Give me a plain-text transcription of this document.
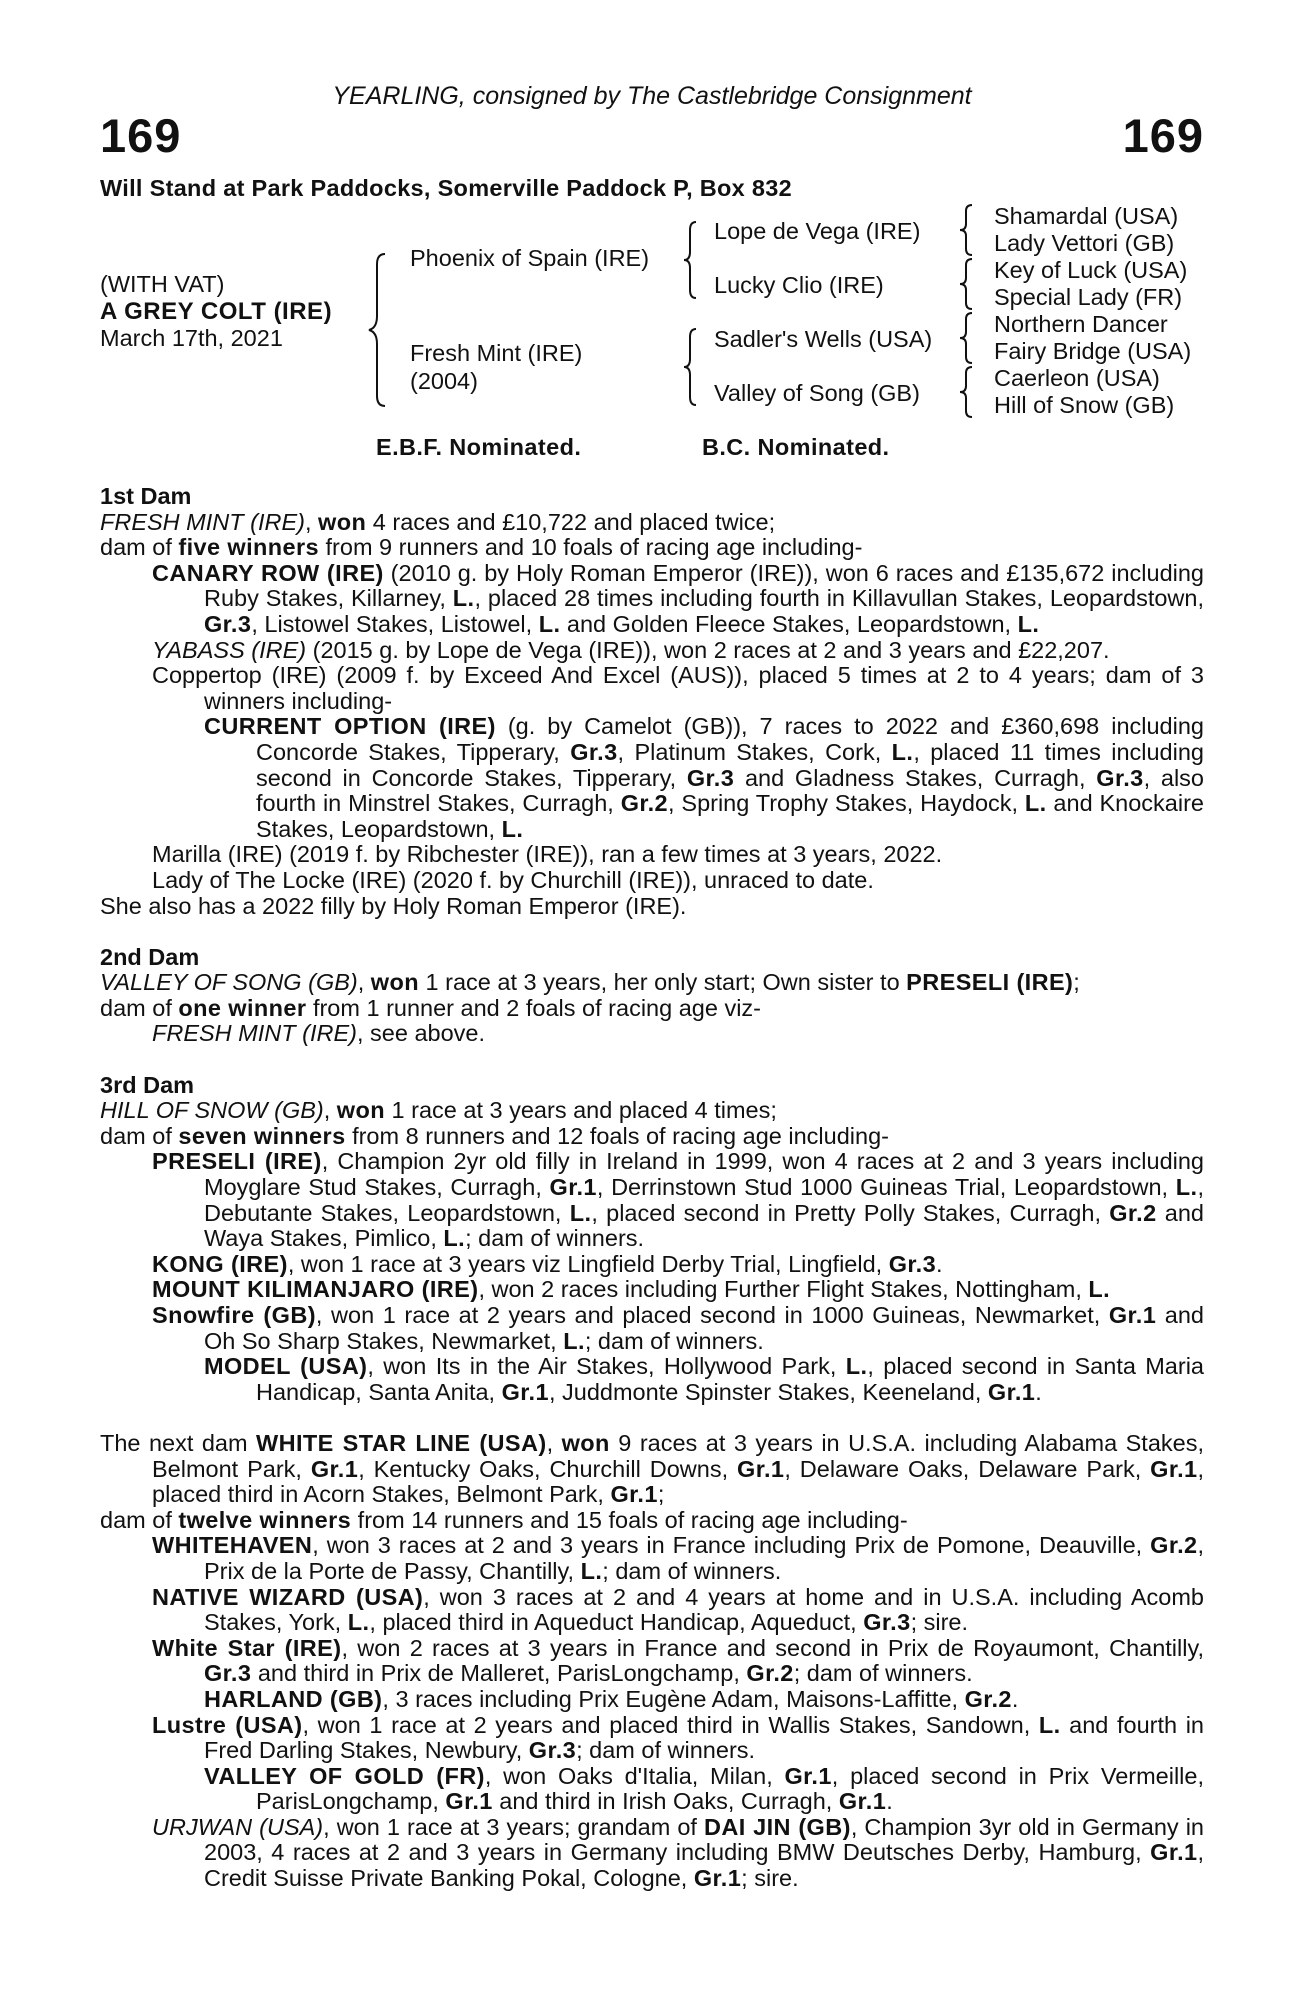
YEARLING, consigned by The Castlebridge Consignment
169	169
Will Stand at Park Paddocks, Somerville Paddock P, Box 832
(WITH VAT)
A GREY COLT (IRE)
March 17th, 2021
Phoenix of Spain (IRE)
Fresh Mint (IRE)
(2004)
Lope de Vega (IRE)
Lucky Clio (IRE)
Sadler's Wells (USA)
Valley of Song (GB)
Shamardal (USA)
Lady Vettori (GB)
Key of Luck (USA)
Special Lady (FR)
Northern Dancer
Fairy Bridge (USA)
Caerleon (USA)
Hill of Snow (GB)
E.B.F. Nominated.	B.C. Nominated.
1st Dam
FRESH MINT (IRE), won 4 races and £10,722 and placed twice;
dam of five winners from 9 runners and 10 foals of racing age including-
CANARY ROW (IRE) (2010 g. by Holy Roman Emperor (IRE)), won 6 races and £135,672 including Ruby Stakes, Killarney, L., placed 28 times including fourth in Killavullan Stakes, Leopardstown, Gr.3, Listowel Stakes, Listowel, L. and Golden Fleece Stakes, Leopardstown, L.
YABASS (IRE) (2015 g. by Lope de Vega (IRE)), won 2 races at 2 and 3 years and £22,207.
Coppertop (IRE) (2009 f. by Exceed And Excel (AUS)), placed 5 times at 2 to 4 years; dam of 3 winners including-
CURRENT OPTION (IRE) (g. by Camelot (GB)), 7 races to 2022 and £360,698 including Concorde Stakes, Tipperary, Gr.3, Platinum Stakes, Cork, L., placed 11 times including second in Concorde Stakes, Tipperary, Gr.3 and Gladness Stakes, Curragh, Gr.3, also fourth in Minstrel Stakes, Curragh, Gr.2, Spring Trophy Stakes, Haydock, L. and Knockaire Stakes, Leopardstown, L.
Marilla (IRE) (2019 f. by Ribchester (IRE)), ran a few times at 3 years, 2022.
Lady of The Locke (IRE) (2020 f. by Churchill (IRE)), unraced to date.
She also has a 2022 filly by Holy Roman Emperor (IRE).
2nd Dam
VALLEY OF SONG (GB), won 1 race at 3 years, her only start; Own sister to PRESELI (IRE);
dam of one winner from 1 runner and 2 foals of racing age viz-
FRESH MINT (IRE), see above.
3rd Dam
HILL OF SNOW (GB), won 1 race at 3 years and placed 4 times;
dam of seven winners from 8 runners and 12 foals of racing age including-
PRESELI (IRE), Champion 2yr old filly in Ireland in 1999, won 4 races at 2 and 3 years including Moyglare Stud Stakes, Curragh, Gr.1, Derrinstown Stud 1000 Guineas Trial, Leopardstown, L., Debutante Stakes, Leopardstown, L., placed second in Pretty Polly Stakes, Curragh, Gr.2 and Waya Stakes, Pimlico, L.; dam of winners.
KONG (IRE), won 1 race at 3 years viz Lingfield Derby Trial, Lingfield, Gr.3.
MOUNT KILIMANJARO (IRE), won 2 races including Further Flight Stakes, Nottingham, L.
Snowfire (GB), won 1 race at 2 years and placed second in 1000 Guineas, Newmarket, Gr.1 and Oh So Sharp Stakes, Newmarket, L.; dam of winners.
MODEL (USA), won Its in the Air Stakes, Hollywood Park, L., placed second in Santa Maria Handicap, Santa Anita, Gr.1, Juddmonte Spinster Stakes, Keeneland, Gr.1.
The next dam WHITE STAR LINE (USA), won 9 races at 3 years in U.S.A. including Alabama Stakes, Belmont Park, Gr.1, Kentucky Oaks, Churchill Downs, Gr.1, Delaware Oaks, Delaware Park, Gr.1, placed third in Acorn Stakes, Belmont Park, Gr.1;
dam of twelve winners from 14 runners and 15 foals of racing age including-
WHITEHAVEN, won 3 races at 2 and 3 years in France including Prix de Pomone, Deauville, Gr.2, Prix de la Porte de Passy, Chantilly, L.; dam of winners.
NATIVE WIZARD (USA), won 3 races at 2 and 4 years at home and in U.S.A. including Acomb Stakes, York, L., placed third in Aqueduct Handicap, Aqueduct, Gr.3; sire.
White Star (IRE), won 2 races at 3 years in France and second in Prix de Royaumont, Chantilly, Gr.3 and third in Prix de Malleret, ParisLongchamp, Gr.2; dam of winners.
HARLAND (GB), 3 races including Prix Eugène Adam, Maisons-Laffitte, Gr.2.
Lustre (USA), won 1 race at 2 years and placed third in Wallis Stakes, Sandown, L. and fourth in Fred Darling Stakes, Newbury, Gr.3; dam of winners.
VALLEY OF GOLD (FR), won Oaks d'Italia, Milan, Gr.1, placed second in Prix Vermeille, ParisLongchamp, Gr.1 and third in Irish Oaks, Curragh, Gr.1.
URJWAN (USA), won 1 race at 3 years; grandam of DAI JIN (GB), Champion 3yr old in Germany in 2003, 4 races at 2 and 3 years in Germany including BMW Deutsches Derby, Hamburg, Gr.1, Credit Suisse Private Banking Pokal, Cologne, Gr.1; sire.
